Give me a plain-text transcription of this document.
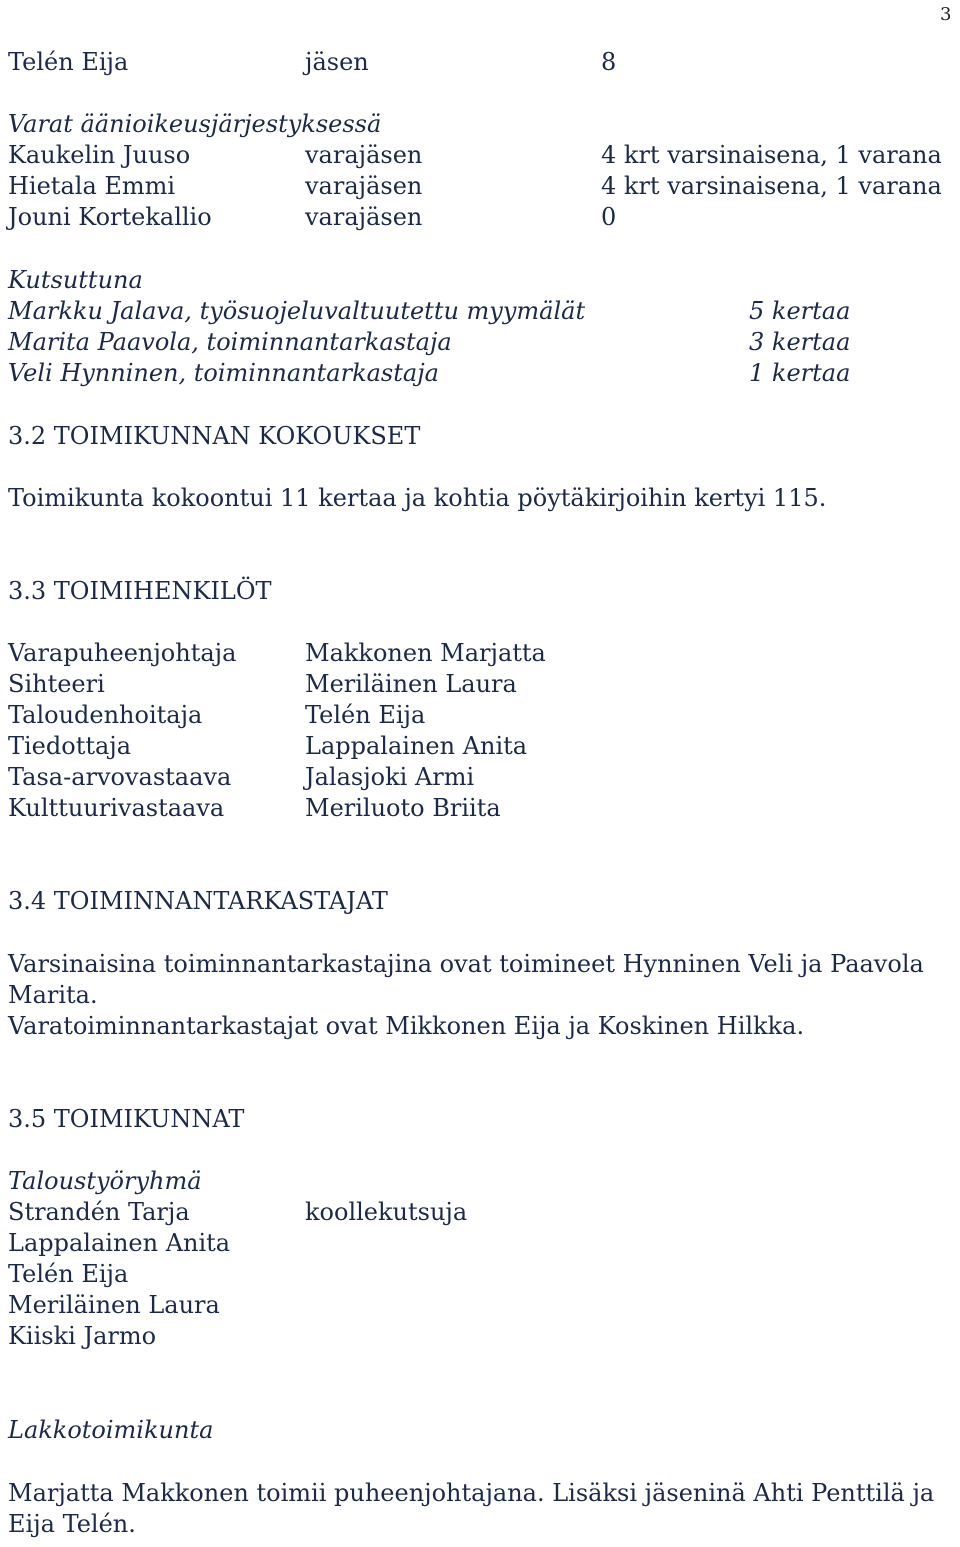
3
Telén Eija	jäsen	8
Varat äänioikeusjärjestyksessä
Kaukelin Juuso	varajäsen	4 krt varsinaisena, 1 varana
Hietala Emmi	varajäsen	4 krt varsinaisena, 1 varana
Jouni Kortekallio	varajäsen	0
Kutsuttuna
Markku Jalava, työsuojeluvaltuutettu myymälät	5 kertaa
Marita Paavola, toiminnantarkastaja	3 kertaa
Veli Hynninen, toiminnantarkastaja	1 kertaa
3.2 TOIMIKUNNAN KOKOUKSET
Toimikunta kokoontui 11 kertaa ja kohtia pöytäkirjoihin kertyi 115.
3.3 TOIMIHENKILÖT
Varapuheenjohtaja	Makkonen Marjatta
Sihteeri	Meriläinen Laura
Taloudenhoitaja	Telén Eija
Tiedottaja	Lappalainen Anita
Tasa-arvovastaava	Jalasjoki Armi
Kulttuurivastaava	Meriluoto Briita
3.4 TOIMINNANTARKASTAJAT
Varsinaisina toiminnantarkastajina ovat toimineet Hynninen Veli ja Paavola
Marita.
Varatoiminnantarkastajat ovat Mikkonen Eija ja Koskinen Hilkka.
3.5 TOIMIKUNNAT
Taloustyöryhmä
Strandén Tarja	koollekutsuja
Lappalainen Anita
Telén Eija
Meriläinen Laura
Kiiski Jarmo
Lakkotoimikunta
Marjatta Makkonen toimii puheenjohtajana. Lisäksi jäseninä Ahti Penttilä ja
Eija Telén.
